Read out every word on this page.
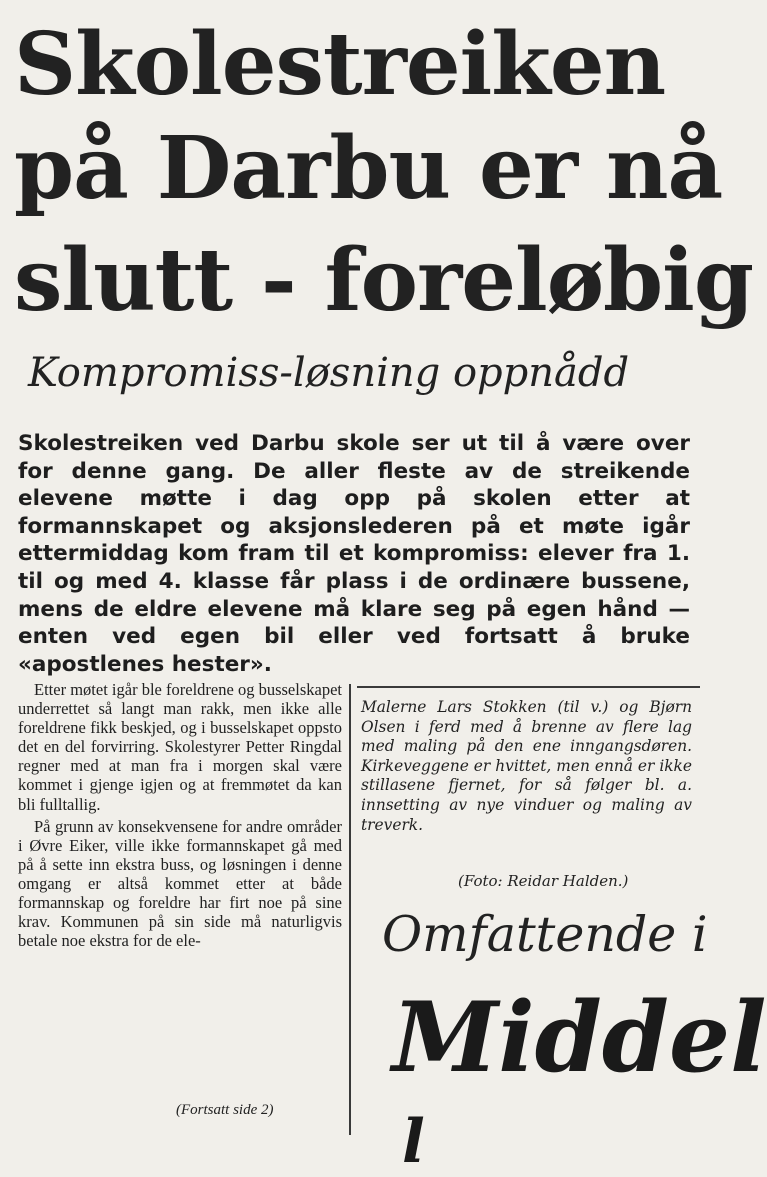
Skolestreiken
på Darbu er nå
slutt - foreløbig
Kompromiss-løsning oppnådd
Skolestreiken ved Darbu skole ser ut til å være over for denne gang. De aller fleste av de streikende elevene møtte i dag opp på skolen etter at formannskapet og aksjonslederen på et møte igår ettermiddag kom fram til et kompromiss: elever fra 1. til og med 4. klasse får plass i de ordinære bussene, mens de eldre elevene må klare seg på egen hånd — enten ved egen bil eller ved fortsatt å bruke «apostlenes hester».

Etter møtet igår ble foreldrene og busselskapet underrettet så langt man rakk, men ikke alle foreldrene fikk beskjed, og i busselskapet oppsto det en del forvirring. Skolestyrer Petter Ringdal regner med at man fra i morgen skal være kommet i gjenge igjen og at fremmøtet da kan bli fulltallig.

På grunn av konsekvensene for andre områder i Øvre Eiker, ville ikke formannskapet gå med på å sette inn ekstra buss, og løsningen i denne omgang er altså kommet etter at både formannskap og foreldre har firt noe på sine krav. Kommunen på sin side må naturligvis betale noe ekstra for de ele-

(Fortsatt side 2)
Malerne Lars Stokken (til v.) og Bjørn Olsen i ferd med å brenne av flere lag med maling på den ene inngangsdøren. Kirkeveggene er hvittet, men ennå er ikke stillasene fjernet, for så følger bl. a. innsetting av nye vinduer og maling av treverk.
(Foto: Reidar Halden.)
Omfattende i
Middel
l
